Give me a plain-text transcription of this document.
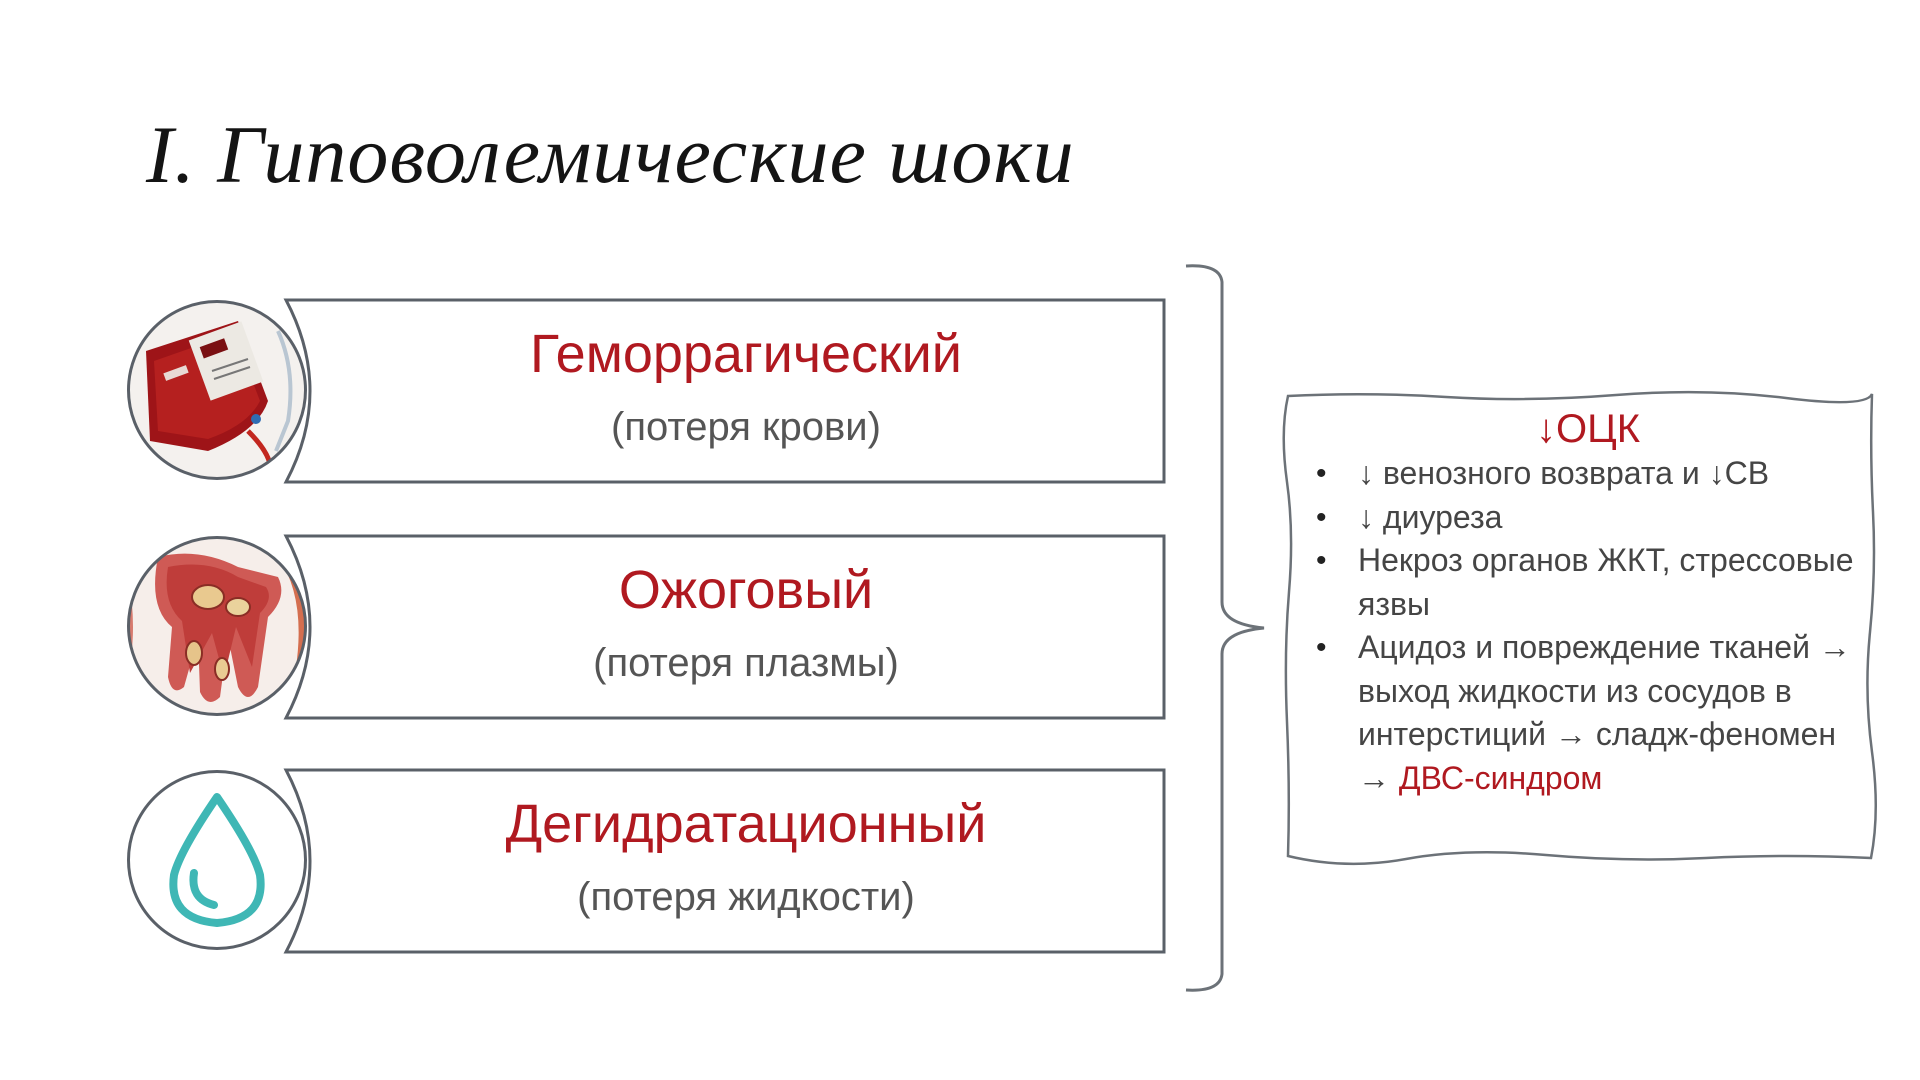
I. Гиповолемические шоки
Геморрагический
(потеря крови)
Ожоговый
(потеря плазмы)
Дегидратационный
(потеря жидкости)
↓ОЦК
• ↓ венозного возврата и ↓СВ
• ↓ диуреза
• Некроз органов ЖКТ, стрессовые язвы
• Ацидоз и повреждение тканей → выход жидкости из сосудов в интерстиций → сладж-феномен → ДВС-синдром
